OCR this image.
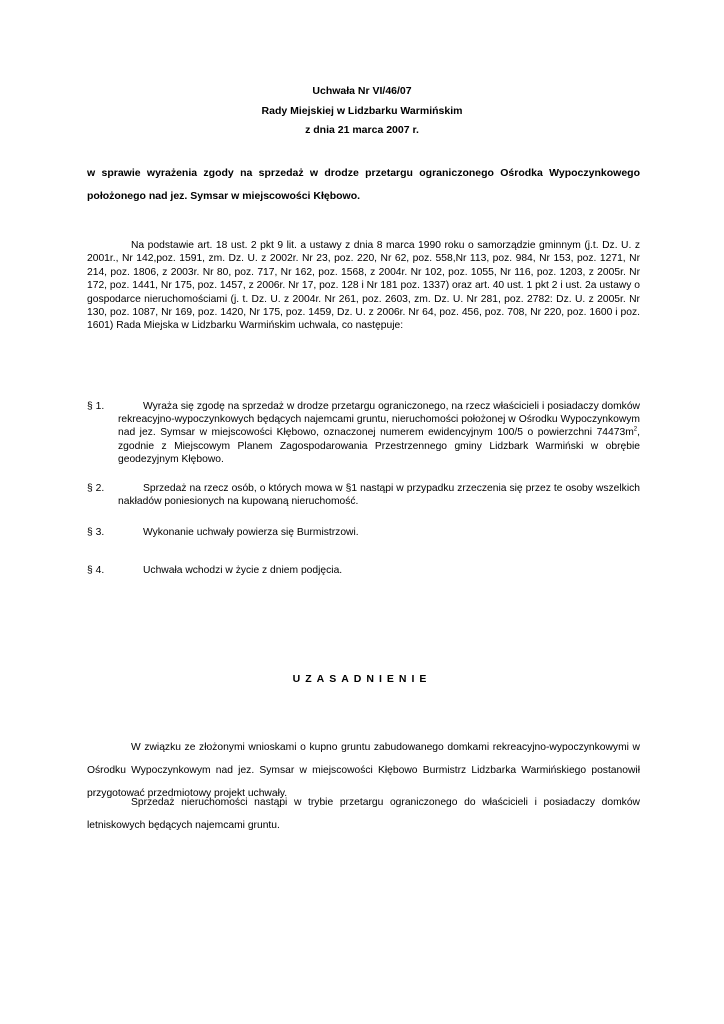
Uchwała Nr VI/46/07
Rady Miejskiej w Lidzbarku Warmińskim
z dnia 21 marca 2007 r.
w sprawie wyrażenia zgody na sprzedaż w drodze przetargu ograniczonego Ośrodka Wypoczynkowego położonego nad jez. Symsar w miejscowości Kłębowo.
Na podstawie art. 18 ust. 2 pkt 9 lit. a ustawy z dnia 8 marca 1990 roku o samorządzie gminnym (j.t. Dz. U. z 2001r., Nr 142,poz. 1591, zm. Dz. U. z 2002r. Nr 23, poz. 220, Nr 62, poz. 558,Nr 113, poz. 984, Nr 153, poz. 1271, Nr 214, poz. 1806, z 2003r. Nr 80, poz. 717, Nr 162, poz. 1568, z 2004r. Nr 102, poz. 1055, Nr 116, poz. 1203, z 2005r. Nr 172, poz. 1441, Nr 175, poz. 1457, z 2006r. Nr 17, poz. 128 i Nr 181 poz. 1337) oraz art. 40 ust. 1 pkt 2 i ust. 2a ustawy o gospodarce nieruchomościami (j. t. Dz. U. z 2004r. Nr 261, poz. 2603, zm. Dz. U. Nr 281, poz. 2782: Dz. U. z 2005r. Nr 130, poz. 1087, Nr 169, poz. 1420, Nr 175, poz. 1459, Dz. U. z 2006r. Nr 64, poz. 456, poz. 708, Nr 220, poz. 1600 i poz. 1601) Rada Miejska w Lidzbarku Warmińskim uchwala, co następuje:
§ 1.	Wyraża się zgodę na sprzedaż w drodze przetargu ograniczonego, na rzecz właścicieli i posiadaczy domków rekreacyjno-wypoczynkowych będących najemcami gruntu, nieruchomości położonej w Ośrodku Wypoczynkowym nad jez. Symsar w miejscowości Kłębowo, oznaczonej numerem ewidencyjnym 100/5 o powierzchni $74473m^2$, zgodnie z Miejscowym Planem Zagospodarowania Przestrzennego gminy Lidzbark Warmiński w obrębie geodezyjnym Kłębowo.
§ 2.	Sprzedaż na rzecz osób, o których mowa w §1 nastąpi w przypadku zrzeczenia się przez te osoby wszelkich nakładów poniesionych na kupowaną nieruchomość.
§ 3.	Wykonanie uchwały powierza się Burmistrzowi.
§ 4.	Uchwała wchodzi w życie z dniem podjęcia.
UZASADNIENIE
W związku ze złożonymi wnioskami o kupno gruntu zabudowanego domkami rekreacyjno-wypoczynkowymi w Ośrodku Wypoczynkowym nad jez. Symsar w miejscowości Kłębowo Burmistrz Lidzbarka Warmińskiego postanowił przygotować przedmiotowy projekt uchwały.
Sprzedaż nieruchomości nastąpi w trybie przetargu ograniczonego do właścicieli i posiadaczy domków letniskowych będących najemcami gruntu.
